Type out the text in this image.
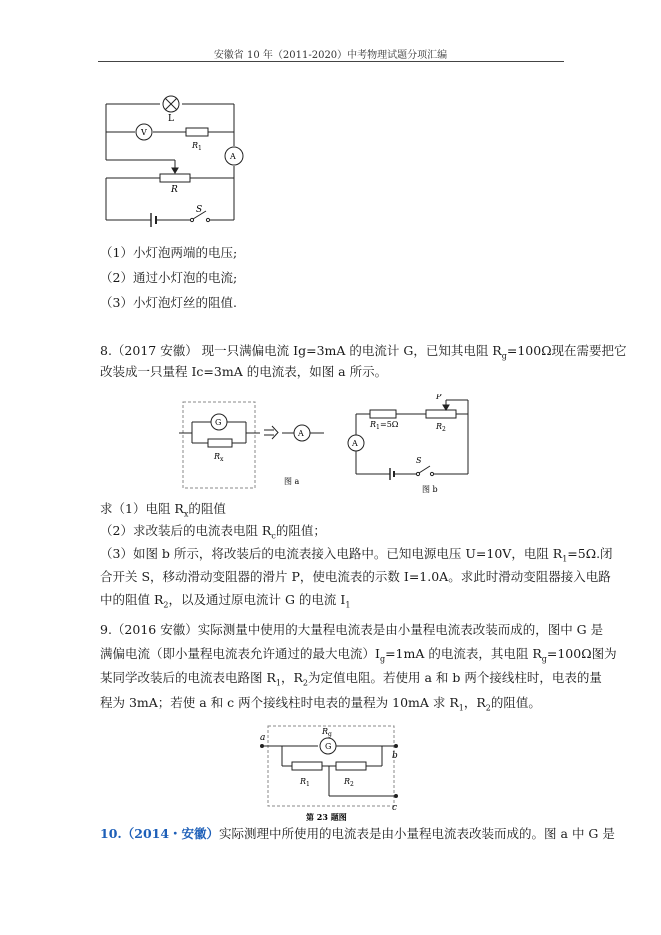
安徽省 10 年（2011-2020）中考物理试题分项汇编
L
V
R 1
A
R
S
（1）小灯泡两端的电压;
（2）通过小灯泡的电流;
（3）小灯泡灯丝的阻值.
8.（2017 安徽） 现一只满偏电流 Ig=3mA 的电流计 G，已知其电阻 $R_g=100\Omega$现在需要把它
改装成一只量程 Ic=3mA 的电流表，如图 a 所示。
G
R x
A
图 a
R 1 =5Ω
P
R 2
A
S
图 b
求（1）电阻 $R_x$的阻值
（2）求改装后的电流表电阻 $R_c$的阻值；
（3）如图 b 所示，将改装后的电流表接入电路中。已知电源电压 U=10V，电阻 $R_1=5\Omega$.闭
合开关 S，移动滑动变阻器的滑片 P，使电流表的示数 I=1.0A。求此时滑动变阻器接入电路
中的阻值 $R_2$，以及通过原电流计 G 的电流 $I_1$
9.（2016 安徽）实际测量中使用的大量程电流表是由小量程电流表改装而成的，图中 G 是
满偏电流（即小量程电流表允许通过的最大电流）$I_g=1mA$ 的电流表，其电阻 $R_g=100\Omega$图为
某同学改装后的电流表电路图 $R_1$，$R_2$为定值电阻。若使用 a 和 b 两个接线柱时，电表的量
程为 3mA；若使 a 和 c 两个接线柱时电表的量程为 10mA 求 $R_1$，$R_2$的阻值。
R g
G
a
b
c
R 1	R 2
第 23 题图
10.（2014・安徽）实际测理中所使用的电流表是由小量程电流表改装而成的。图 a 中 G 是
